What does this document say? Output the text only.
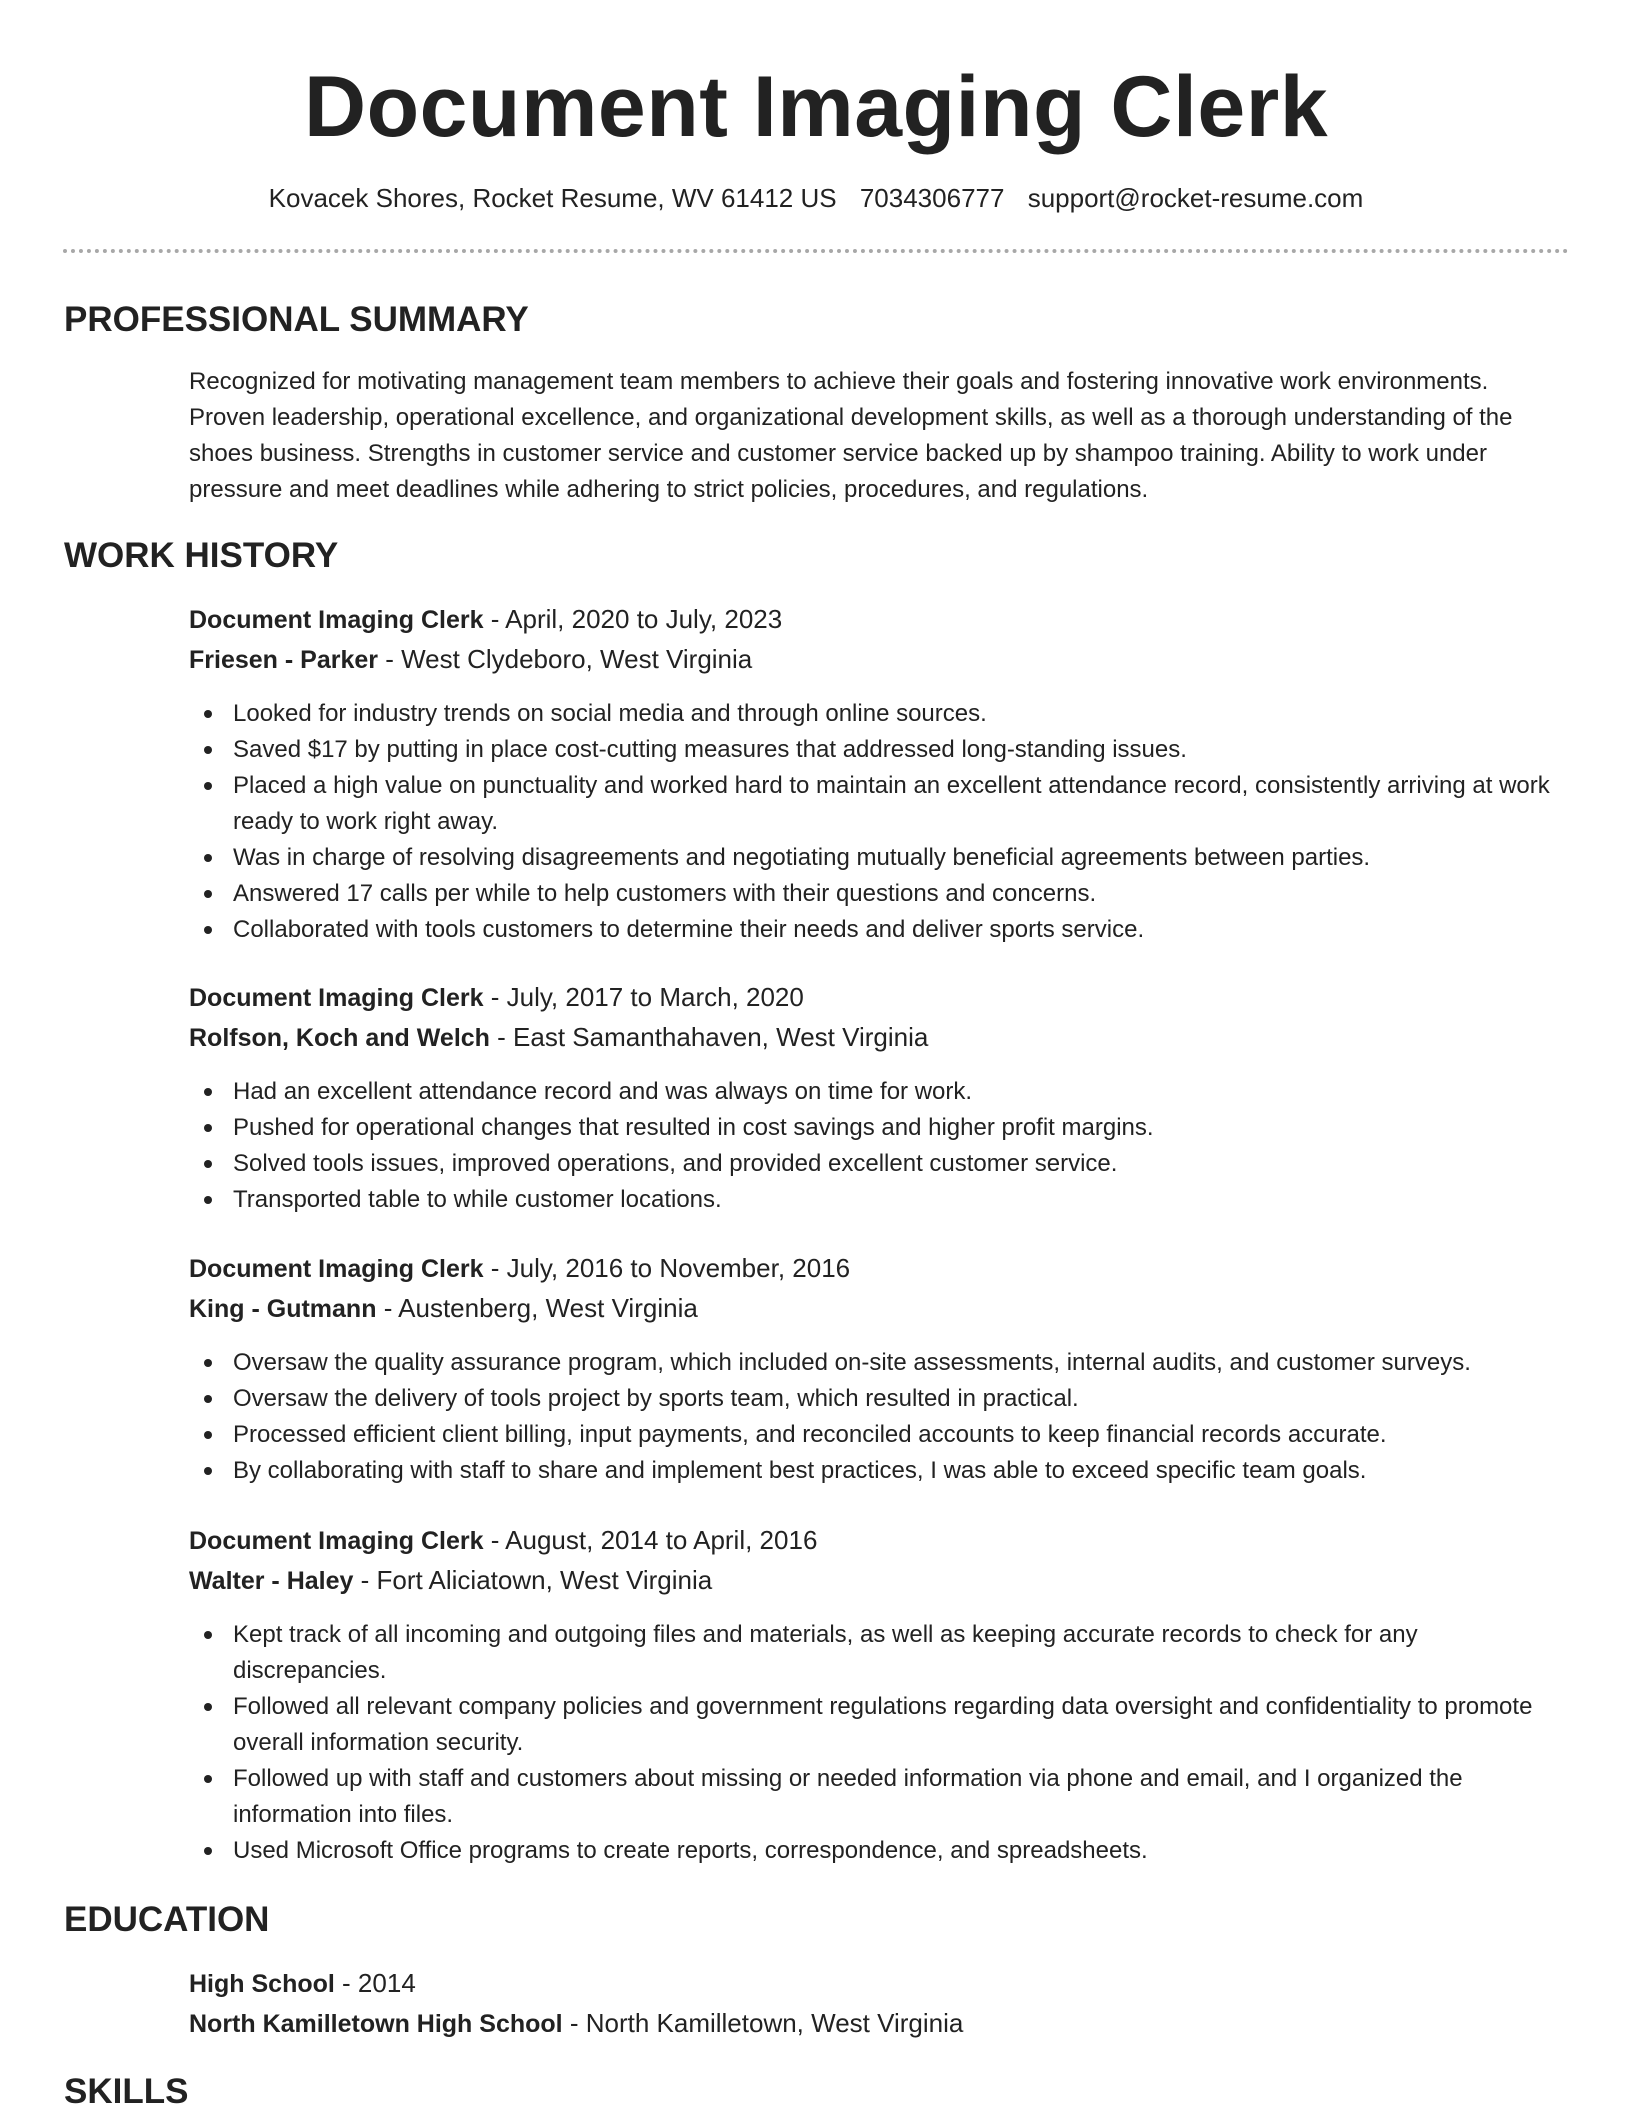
Document Imaging Clerk
Kovacek Shores, Rocket Resume, WV 61412 US 7034306777 support@rocket-resume.com
PROFESSIONAL SUMMARY
Recognized for motivating management team members to achieve their goals and fostering innovative work environments. Proven leadership, operational excellence, and organizational development skills, as well as a thorough understanding of the shoes business. Strengths in customer service and customer service backed up by shampoo training. Ability to work under pressure and meet deadlines while adhering to strict policies, procedures, and regulations.
WORK HISTORY
Document Imaging Clerk - April, 2020 to July, 2023
Friesen - Parker - West Clydeboro, West Virginia
Looked for industry trends on social media and through online sources.
Saved $17 by putting in place cost-cutting measures that addressed long-standing issues.
Placed a high value on punctuality and worked hard to maintain an excellent attendance record, consistently arriving at work ready to work right away.
Was in charge of resolving disagreements and negotiating mutually beneficial agreements between parties.
Answered 17 calls per while to help customers with their questions and concerns.
Collaborated with tools customers to determine their needs and deliver sports service.
Document Imaging Clerk - July, 2017 to March, 2020
Rolfson, Koch and Welch - East Samanthahaven, West Virginia
Had an excellent attendance record and was always on time for work.
Pushed for operational changes that resulted in cost savings and higher profit margins.
Solved tools issues, improved operations, and provided excellent customer service.
Transported table to while customer locations.
Document Imaging Clerk - July, 2016 to November, 2016
King - Gutmann - Austenberg, West Virginia
Oversaw the quality assurance program, which included on-site assessments, internal audits, and customer surveys.
Oversaw the delivery of tools project by sports team, which resulted in practical.
Processed efficient client billing, input payments, and reconciled accounts to keep financial records accurate.
By collaborating with staff to share and implement best practices, I was able to exceed specific team goals.
Document Imaging Clerk - August, 2014 to April, 2016
Walter - Haley - Fort Aliciatown, West Virginia
Kept track of all incoming and outgoing files and materials, as well as keeping accurate records to check for any discrepancies.
Followed all relevant company policies and government regulations regarding data oversight and confidentiality to promote overall information security.
Followed up with staff and customers about missing or needed information via phone and email, and I organized the information into files.
Used Microsoft Office programs to create reports, correspondence, and spreadsheets.
EDUCATION
High School - 2014
North Kamilletown High School - North Kamilletown, West Virginia
SKILLS
